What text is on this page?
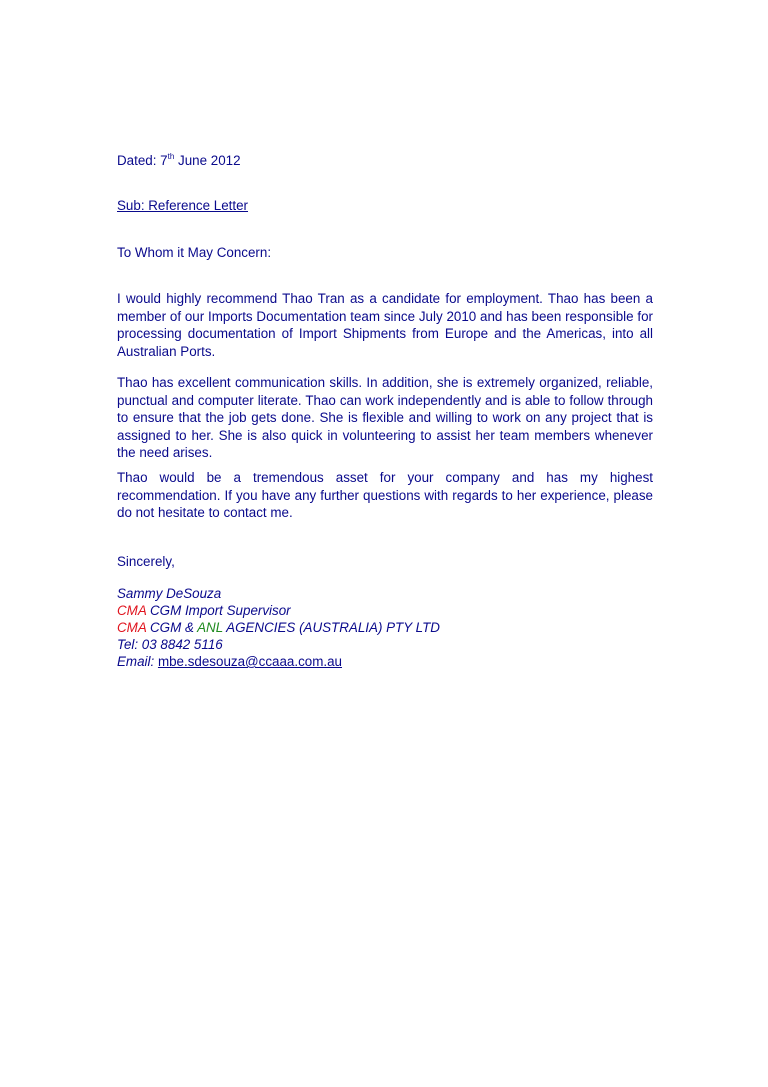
Dated: 7th June 2012
Sub: Reference Letter
To Whom it May Concern:
I would highly recommend Thao Tran as a candidate for employment. Thao has been a member of our Imports Documentation team since July 2010 and has been responsible for processing documentation of Import Shipments from Europe and the Americas, into all Australian Ports.
Thao has excellent communication skills. In addition, she is extremely organized, reliable, punctual and computer literate. Thao can work independently and is able to follow through to ensure that the job gets done. She is flexible and willing to work on any project that is assigned to her. She is also quick in volunteering to assist her team members whenever the need arises.
Thao would be a tremendous asset for your company and has my highest recommendation. If you have any further questions with regards to her experience, please do not hesitate to contact me.
Sincerely,
Sammy DeSouza
CMA CGM Import Supervisor
CMA CGM & ANL AGENCIES (AUSTRALIA) PTY LTD
Tel: 03 8842 5116
Email: mbe.sdesouza@ccaaa.com.au
